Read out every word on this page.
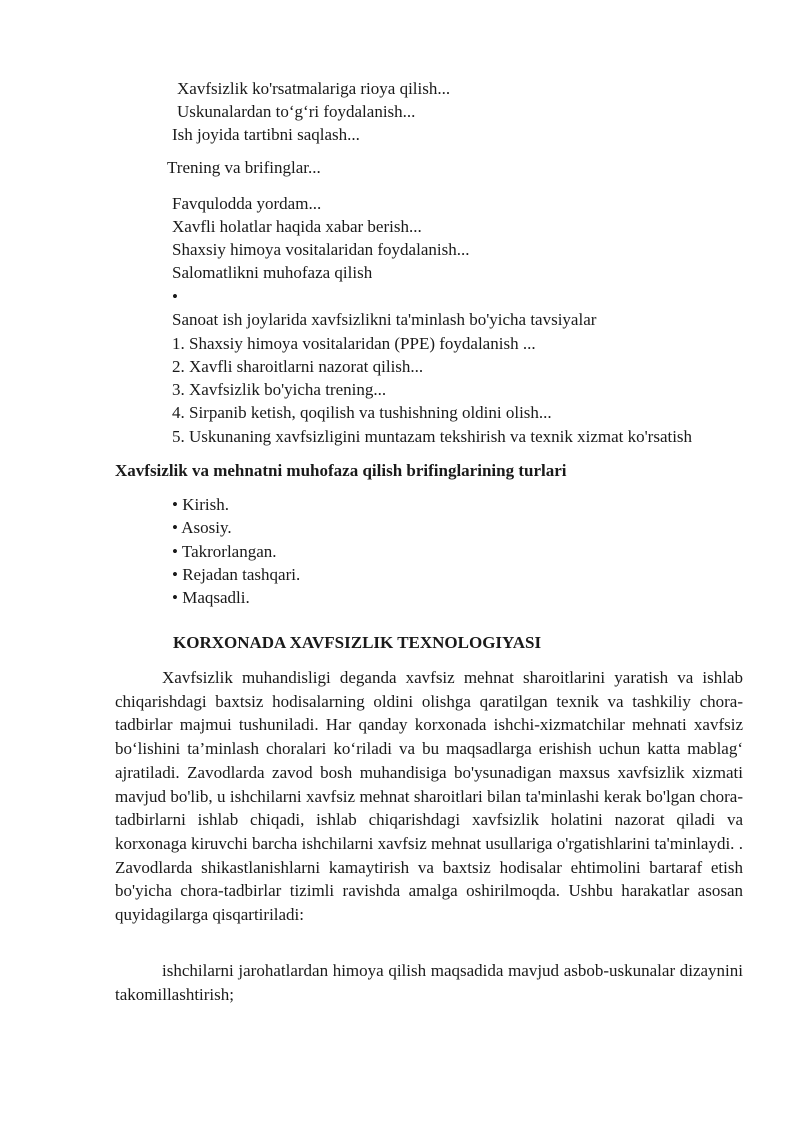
Xavfsizlik ko'rsatmalariga rioya qilish...
Uskunalardan to‘g‘ri foydalanish...
Ish joyida tartibni saqlash...
Trening va brifinglar...
Favqulodda yordam...
Xavfli holatlar haqida xabar berish...
Shaxsiy himoya vositalaridan foydalanish...
Salomatlikni muhofaza qilish
•
Sanoat ish joylarida xavfsizlikni ta'minlash bo'yicha tavsiyalar
1. Shaxsiy himoya vositalaridan (PPE) foydalanish ...
2. Xavfli sharoitlarni nazorat qilish...
3. Xavfsizlik bo'yicha trening...
4. Sirpanib ketish, qoqilish va tushishning oldini olish...
5. Uskunaning xavfsizligini muntazam tekshirish va texnik xizmat ko'rsatish
Xavfsizlik va mehnatni muhofaza qilish brifinglarining turlari
• Kirish.
• Asosiy.
• Takrorlangan.
• Rejadan tashqari.
• Maqsadli.
KORXONADA XAVFSIZLIK TEXNOLOGIYASI
Xavfsizlik muhandisligi deganda xavfsiz mehnat sharoitlarini yaratish va ishlab chiqarishdagi baxtsiz hodisalarning oldini olishga qaratilgan texnik va tashkiliy chora-tadbirlar majmui tushuniladi. Har qanday korxonada ishchi-xizmatchilar mehnati xavfsiz bo‘lishini ta’minlash choralari ko‘riladi va bu maqsadlarga erishish uchun katta mablag‘ ajratiladi. Zavodlarda zavod bosh muhandisiga bo'ysunadigan maxsus xavfsizlik xizmati mavjud bo'lib, u ishchilarni xavfsiz mehnat sharoitlari bilan ta'minlashi kerak bo'lgan chora-tadbirlarni ishlab chiqadi, ishlab chiqarishdagi xavfsizlik holatini nazorat qiladi va korxonaga kiruvchi barcha ishchilarni xavfsiz mehnat usullariga o'rgatishlarini ta'minlaydi. . Zavodlarda shikastlanishlarni kamaytirish va baxtsiz hodisalar ehtimolini bartaraf etish bo'yicha chora-tadbirlar tizimli ravishda amalga oshirilmoqda. Ushbu harakatlar asosan quyidagilarga qisqartiriladi:
ishchilarni jarohatlardan himoya qilish maqsadida mavjud asbob-uskunalar dizaynini takomillashtirish;
